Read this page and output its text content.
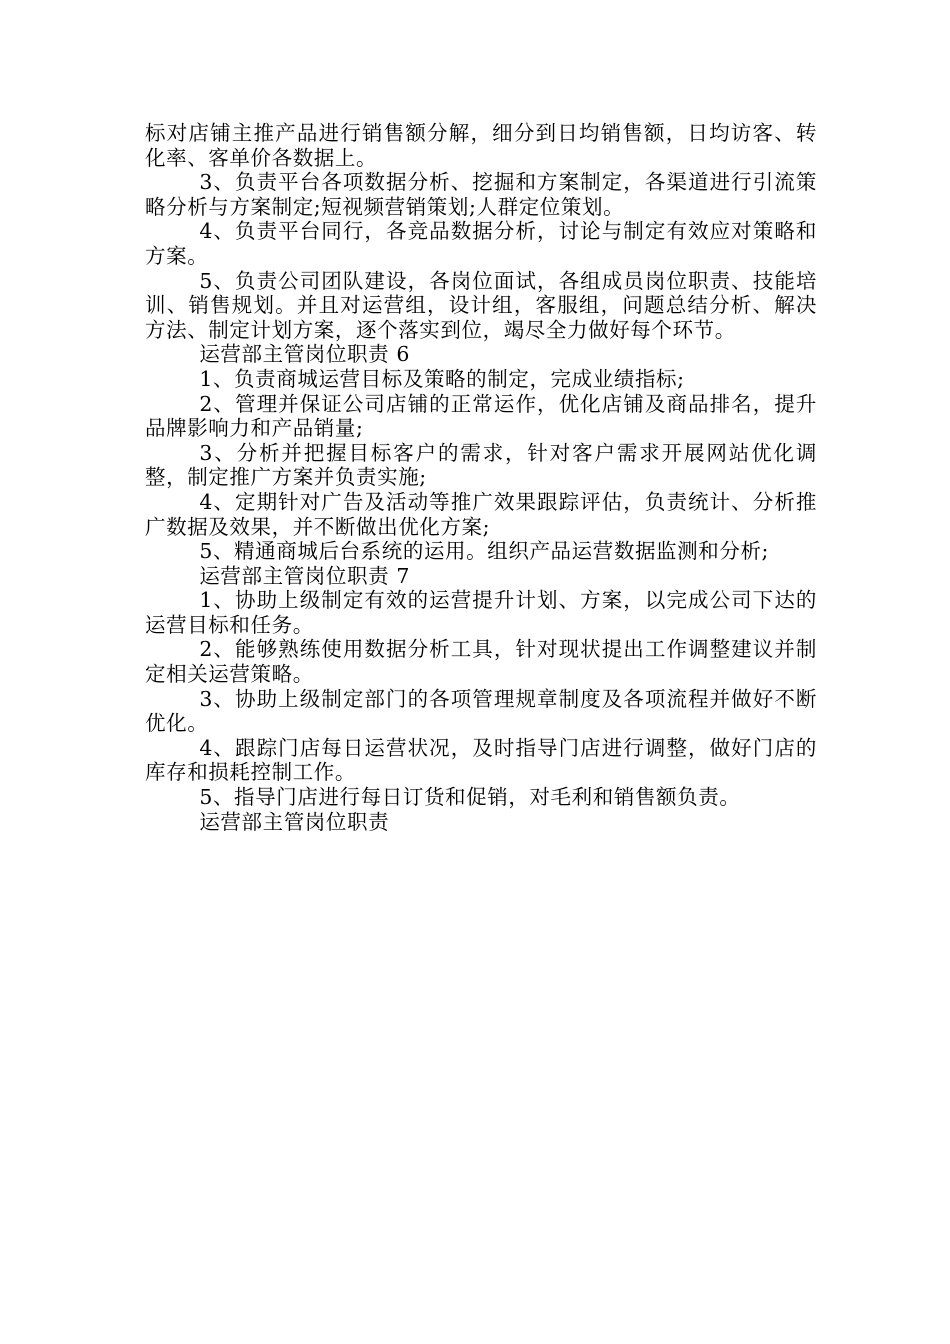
标对店铺主推产品进行销售额分解，细分到日均销售额，日均访客、转化率、客单价各数据上。

3、负责平台各项数据分析、挖掘和方案制定，各渠道进行引流策略分析与方案制定;短视频营销策划;人群定位策划。

4、负责平台同行，各竞品数据分析，讨论与制定有效应对策略和方案。

5、负责公司团队建设，各岗位面试，各组成员岗位职责、技能培训、销售规划。并且对运营组，设计组，客服组，问题总结分析、解决方法、制定计划方案，逐个落实到位，竭尽全力做好每个环节。

运营部主管岗位职责 6

1、负责商城运营目标及策略的制定，完成业绩指标;

2、管理并保证公司店铺的正常运作，优化店铺及商品排名，提升品牌影响力和产品销量;

3、分析并把握目标客户的需求，针对客户需求开展网站优化调整，制定推广方案并负责实施;

4、定期针对广告及活动等推广效果跟踪评估，负责统计、分析推广数据及效果，并不断做出优化方案;

5、精通商城后台系统的运用。组织产品运营数据监测和分析;

运营部主管岗位职责 7

1、协助上级制定有效的运营提升计划、方案，以完成公司下达的运营目标和任务。

2、能够熟练使用数据分析工具，针对现状提出工作调整建议并制定相关运营策略。

3、协助上级制定部门的各项管理规章制度及各项流程并做好不断优化。

4、跟踪门店每日运营状况，及时指导门店进行调整，做好门店的库存和损耗控制工作。

5、指导门店进行每日订货和促销，对毛利和销售额负责。

运营部主管岗位职责
